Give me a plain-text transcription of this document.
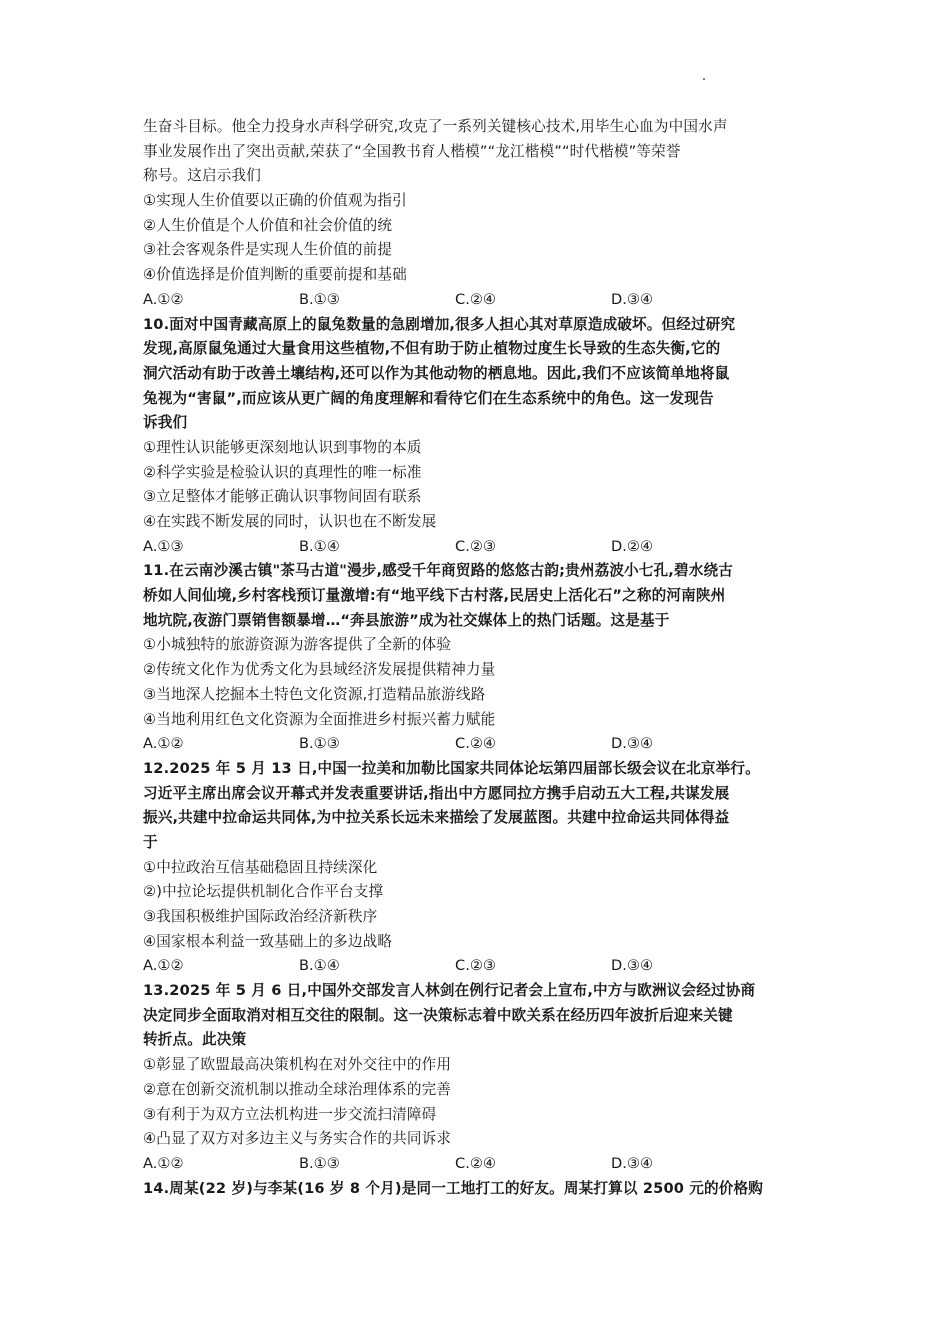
生奋斗目标。他全力投身水声科学研究,攻克了一系列关键核心技术,用毕生心血为中国水声
事业发展作出了突出贡献,荣获了“全国教书育人楷模”“龙江楷模”“时代楷模”等荣誉
称号。这启示我们
①实现人生价值要以正确的价值观为指引
②人生价值是个人价值和社会价值的统
③社会客观条件是实现人生价值的前提
④价值选择是价值判断的重要前提和基础
A.①②	B.①③	C.②④	D.③④
10.面对中国青藏高原上的鼠兔数量的急剧增加,很多人担心其对草原造成破坏。但经过研究
发现,高原鼠兔通过大量食用这些植物,不但有助于防止植物过度生长导致的生态失衡,它的
洞穴活动有助于改善土壤结构,还可以作为其他动物的栖息地。因此,我们不应该简单地将鼠
兔视为“害鼠”,而应该从更广阔的角度理解和看待它们在生态系统中的角色。这一发现告
诉我们
①理性认识能够更深刻地认识到事物的本质
②科学实验是检验认识的真理性的唯一标准
③立足整体才能够正确认识事物间固有联系
④在实践不断发展的同时，认识也在不断发展
A.①③	B.①④	C.②③	D.②④
11.在云南沙溪古镇"茶马古道"漫步,感受千年商贸路的悠悠古韵;贵州荔波小七孔,碧水绕古
桥如人间仙境,乡村客栈预订量激增:有“地平线下古村落,民居史上活化石”之称的河南陕州
地坑院,夜游门票销售额暴增…“奔县旅游”成为社交媒体上的热门话题。这是基于
①小城独特的旅游资源为游客提供了全新的体验
②传统文化作为优秀文化为县域经济发展提供精神力量
③当地深人挖掘本土特色文化资源,打造精品旅游线路
④当地利用红色文化资源为全面推进乡村振兴蓄力赋能
A.①②	B.①③	C.②④	D.③④
12.2025 年 5 月 13 日,中国一拉美和加勒比国家共同体论坛第四届部长级会议在北京举行。
习近平主席出席会议开幕式并发表重要讲话,指出中方愿同拉方携手启动五大工程,共谋发展
振兴,共建中拉命运共同体,为中拉关系长远未来描绘了发展蓝图。共建中拉命运共同体得益
于
①中拉政治互信基础稳固且持续深化
②)中拉论坛提供机制化合作平台支撑
③我国积极维护国际政治经济新秩序
④国家根本利益一致基础上的多边战略
A.①②	B.①④	C.②③	D.③④
13.2025 年 5 月 6 日,中国外交部发言人林剑在例行记者会上宣布,中方与欧洲议会经过协商
决定同步全面取消对相互交往的限制。这一决策标志着中欧关系在经历四年波折后迎来关键
转折点。此决策
①彰显了欧盟最高决策机构在对外交往中的作用
②意在创新交流机制以推动全球治理体系的完善
③有利于为双方立法机构进一步交流扫清障碍
④凸显了双方对多边主义与务实合作的共同诉求
A.①②	B.①③	C.②④	D.③④
14.周某(22 岁)与李某(16 岁 8 个月)是同一工地打工的好友。周某打算以 2500 元的价格购
